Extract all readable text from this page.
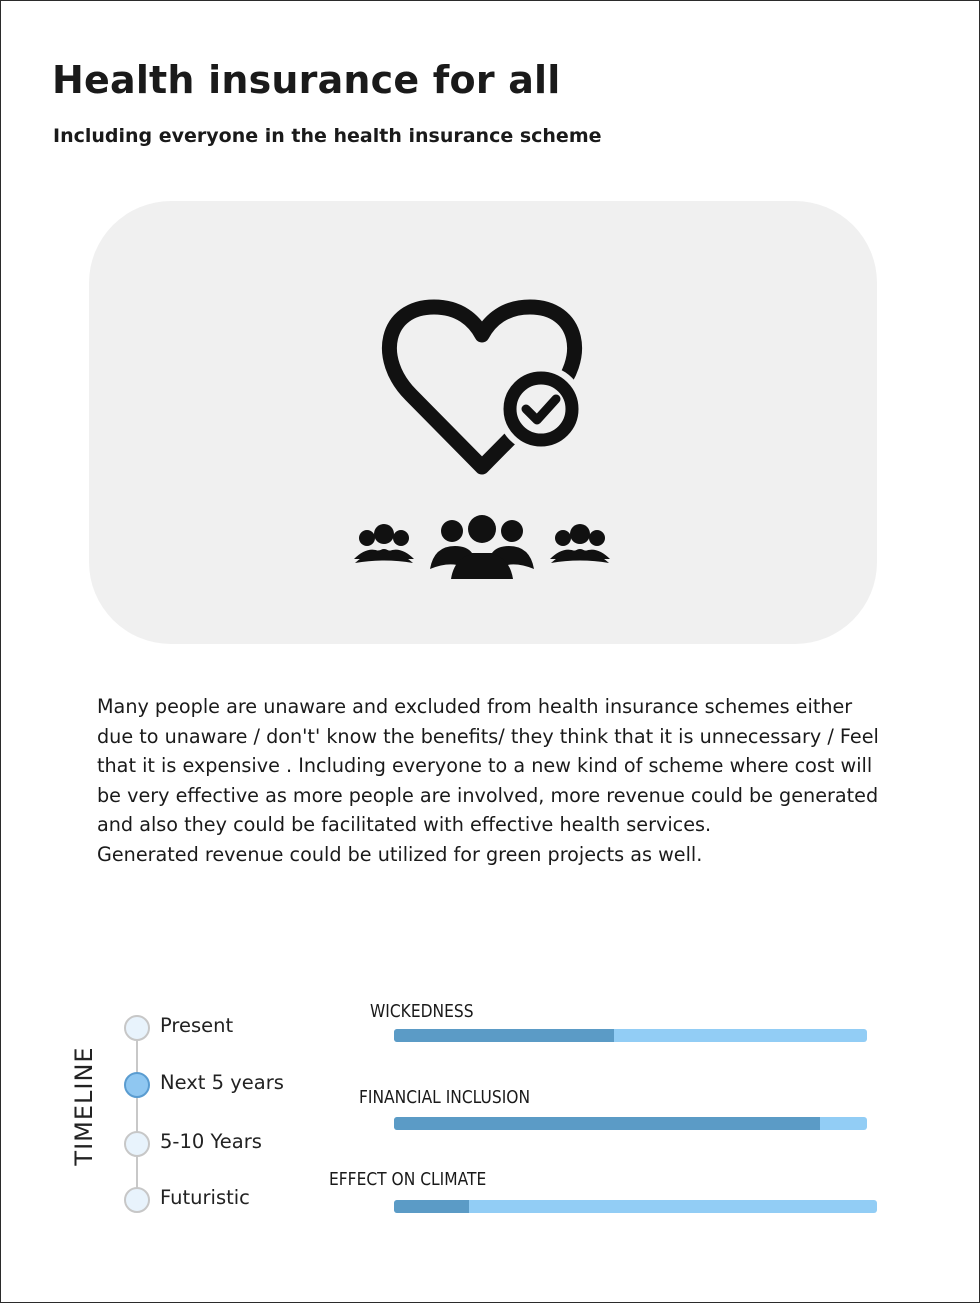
Health insurance for all
Including everyone in the health insurance scheme

Many people are unaware and excluded from health insurance schemes either due to unaware / don't' know the benefits/ they think that it is unnecessary / Feel that it is expensive . Including everyone to a new kind of scheme where cost will be very effective as more people are involved, more revenue could be generated and also they could be facilitated with effective health services.
Generated revenue could be utilized for green projects as well.

TIMELINE
Present
Next 5 years
5-10 Years
Futuristic
WICKEDNESS
FINANCIAL INCLUSION
EFFECT ON CLIMATE
